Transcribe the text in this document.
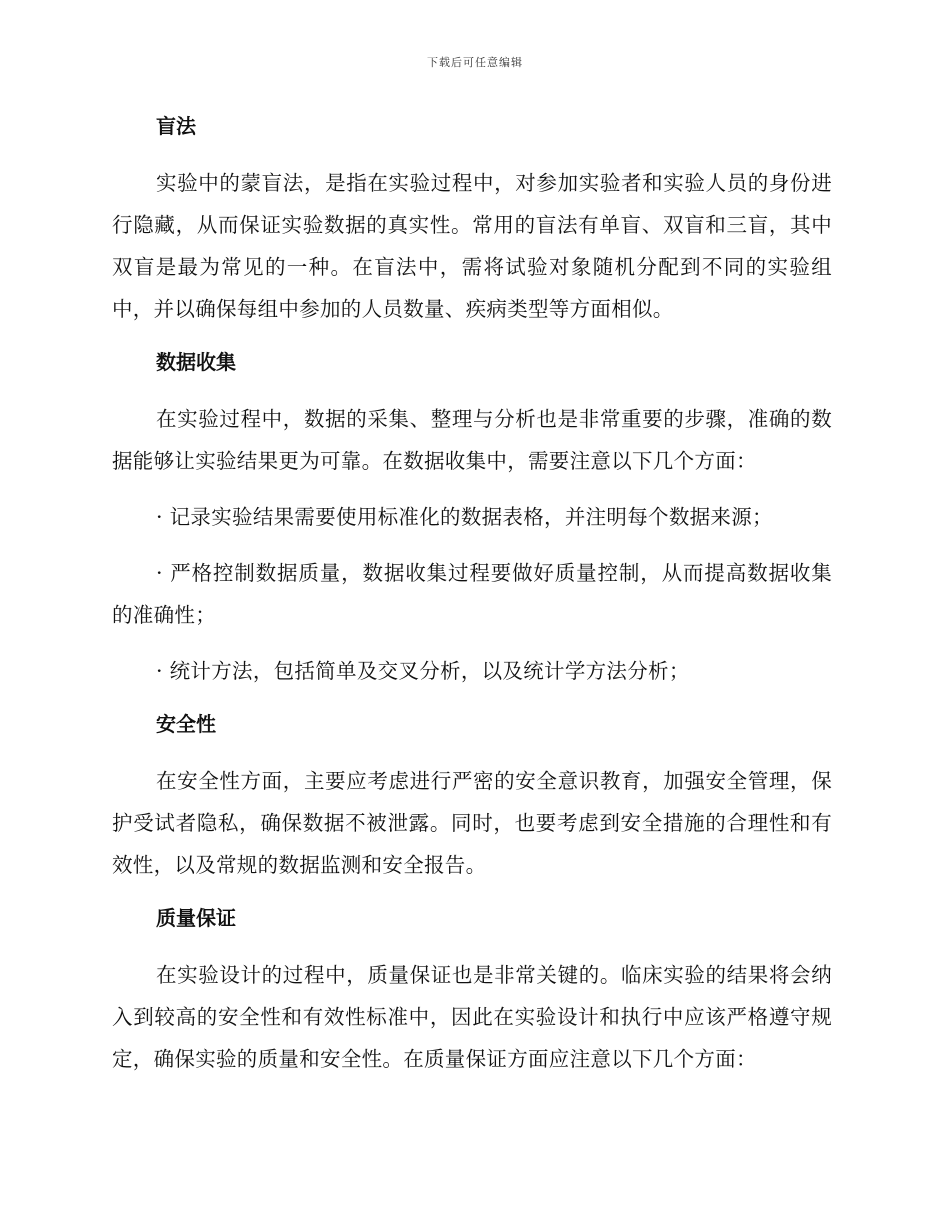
下载后可任意编辑
盲法

实验中的蒙盲法，是指在实验过程中，对参加实验者和实验人员的身份进行隐藏，从而保证实验数据的真实性。常用的盲法有单盲、双盲和三盲，其中双盲是最为常见的一种。在盲法中，需将试验对象随机分配到不同的实验组中，并以确保每组中参加的人员数量、疾病类型等方面相似。

数据收集

在实验过程中，数据的采集、整理与分析也是非常重要的步骤，准确的数据能够让实验结果更为可靠。在数据收集中，需要注意以下几个方面：

· 记录实验结果需要使用标准化的数据表格，并注明每个数据来源；

· 严格控制数据质量，数据收集过程要做好质量控制，从而提高数据收集的准确性；

· 统计方法，包括简单及交叉分析，以及统计学方法分析；

安全性

在安全性方面，主要应考虑进行严密的安全意识教育，加强安全管理，保护受试者隐私，确保数据不被泄露。同时，也要考虑到安全措施的合理性和有效性，以及常规的数据监测和安全报告。

质量保证

在实验设计的过程中，质量保证也是非常关键的。临床实验的结果将会纳入到较高的安全性和有效性标准中，因此在实验设计和执行中应该严格遵守规定，确保实验的质量和安全性。在质量保证方面应注意以下几个方面：
